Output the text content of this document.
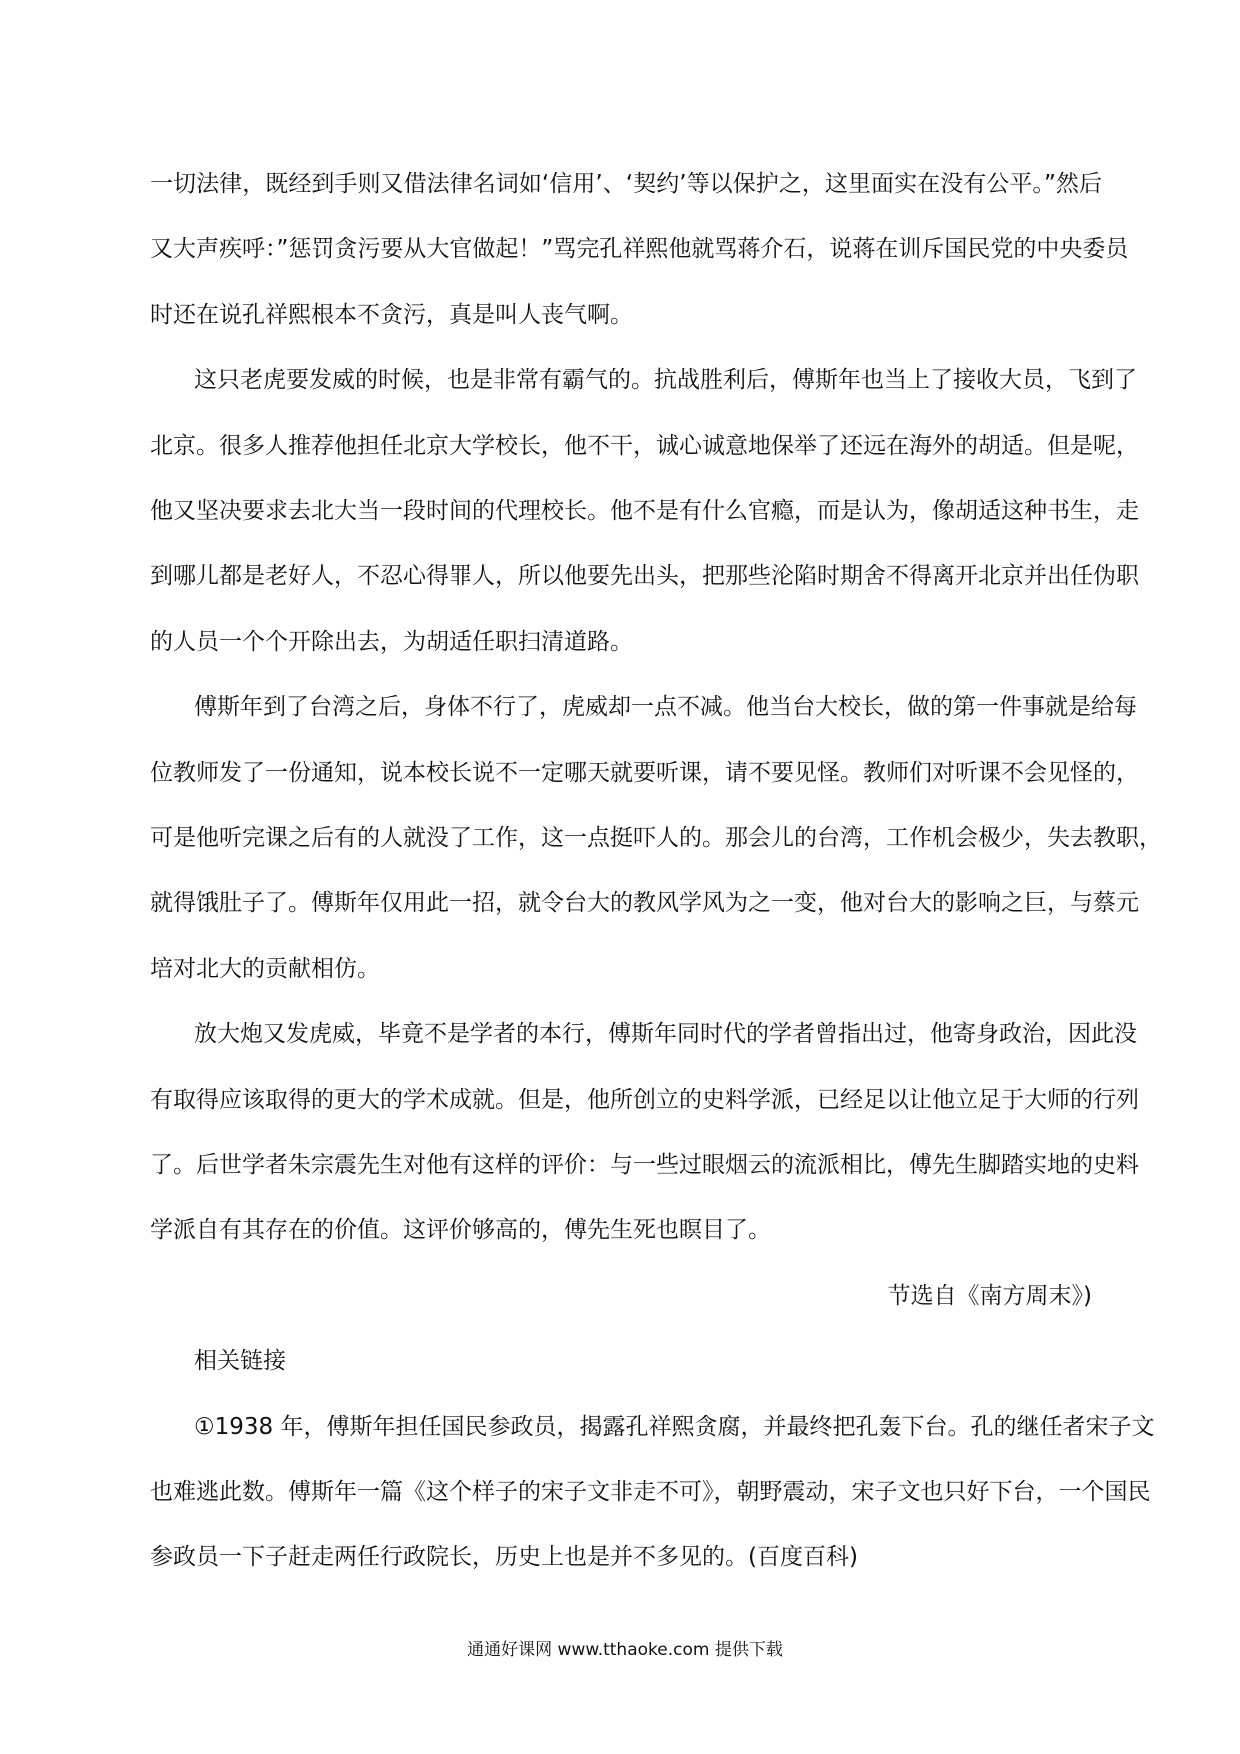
一切法律，既经到手则又借法律名词如‘信用’、‘契约’等以保护之，这里面实在没有公平。”然后
又大声疾呼：”惩罚贪污要从大官做起！”骂完孔祥熙他就骂蒋介石，说蒋在训斥国民党的中央委员
时还在说孔祥熙根本不贪污，真是叫人丧气啊。
这只老虎要发威的时候，也是非常有霸气的。抗战胜利后，傅斯年也当上了接收大员，飞到了
北京。很多人推荐他担任北京大学校长，他不干，诚心诚意地保举了还远在海外的胡适。但是呢，
他又坚决要求去北大当一段时间的代理校长。他不是有什么官瘾，而是认为，像胡适这种书生，走
到哪儿都是老好人，不忍心得罪人，所以他要先出头，把那些沦陷时期舍不得离开北京并出任伪职
的人员一个个开除出去，为胡适任职扫清道路。
傅斯年到了台湾之后，身体不行了，虎威却一点不减。他当台大校长，做的第一件事就是给每
位教师发了一份通知，说本校长说不一定哪天就要听课，请不要见怪。教师们对听课不会见怪的，
可是他听完课之后有的人就没了工作，这一点挺吓人的。那会儿的台湾，工作机会极少，失去教职，
就得饿肚子了。傅斯年仅用此一招，就令台大的教风学风为之一变，他对台大的影响之巨，与蔡元
培对北大的贡献相仿。
放大炮又发虎威，毕竟不是学者的本行，傅斯年同时代的学者曾指出过，他寄身政治，因此没
有取得应该取得的更大的学术成就。但是，他所创立的史料学派，已经足以让他立足于大师的行列
了。后世学者朱宗震先生对他有这样的评价：与一些过眼烟云的流派相比，傅先生脚踏实地的史料
学派自有其存在的价值。这评价够高的，傅先生死也瞑目了。
节选自《南方周末》)
相关链接
①1938 年，傅斯年担任国民参政员，揭露孔祥熙贪腐，并最终把孔轰下台。孔的继任者宋子文
也难逃此数。傅斯年一篇《这个样子的宋子文非走不可》，朝野震动，宋子文也只好下台，一个国民
参政员一下子赶走两任行政院长，历史上也是并不多见的。(百度百科)
通通好课网 www.tthaoke.com 提供下载
